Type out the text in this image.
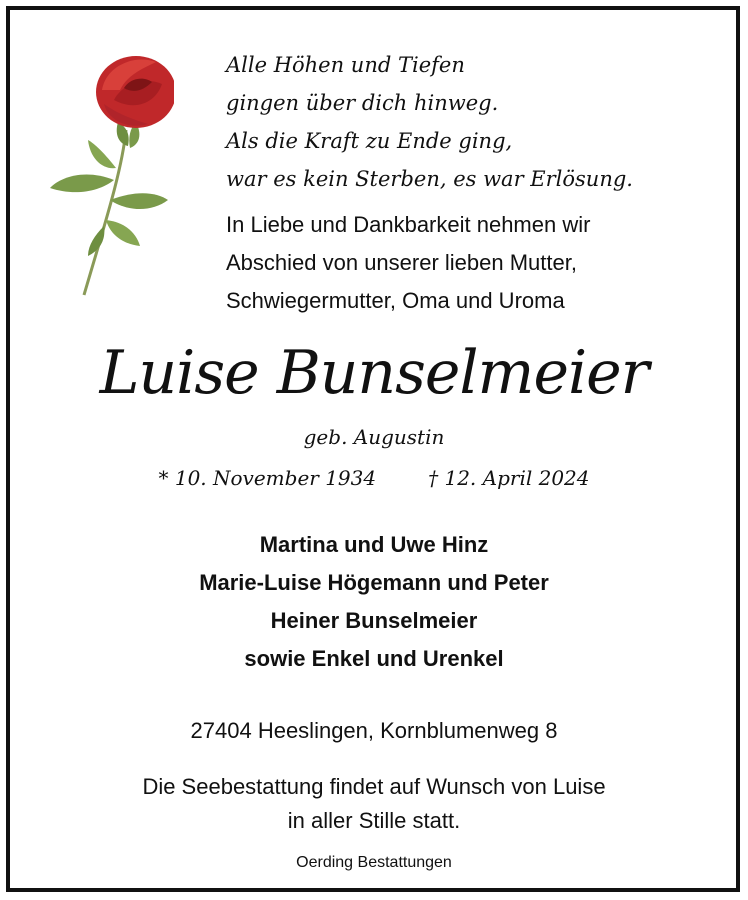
Alle Höhen und Tiefen
gingen über dich hinweg.
Als die Kraft zu Ende ging,
war es kein Sterben, es war Erlösung.
In Liebe und Dankbarkeit nehmen wir
Abschied von unserer lieben Mutter,
Schwiegermutter, Oma und Uroma
Luise Bunselmeier
geb. Augustin
* 10. November 1934	† 12. April 2024
Martina und Uwe Hinz
Marie-Luise Högemann und Peter
Heiner Bunselmeier
sowie Enkel und Urenkel
27404 Heeslingen, Kornblumenweg 8
Die Seebestattung findet auf Wunsch von Luise
in aller Stille statt.
Oerding Bestattungen
